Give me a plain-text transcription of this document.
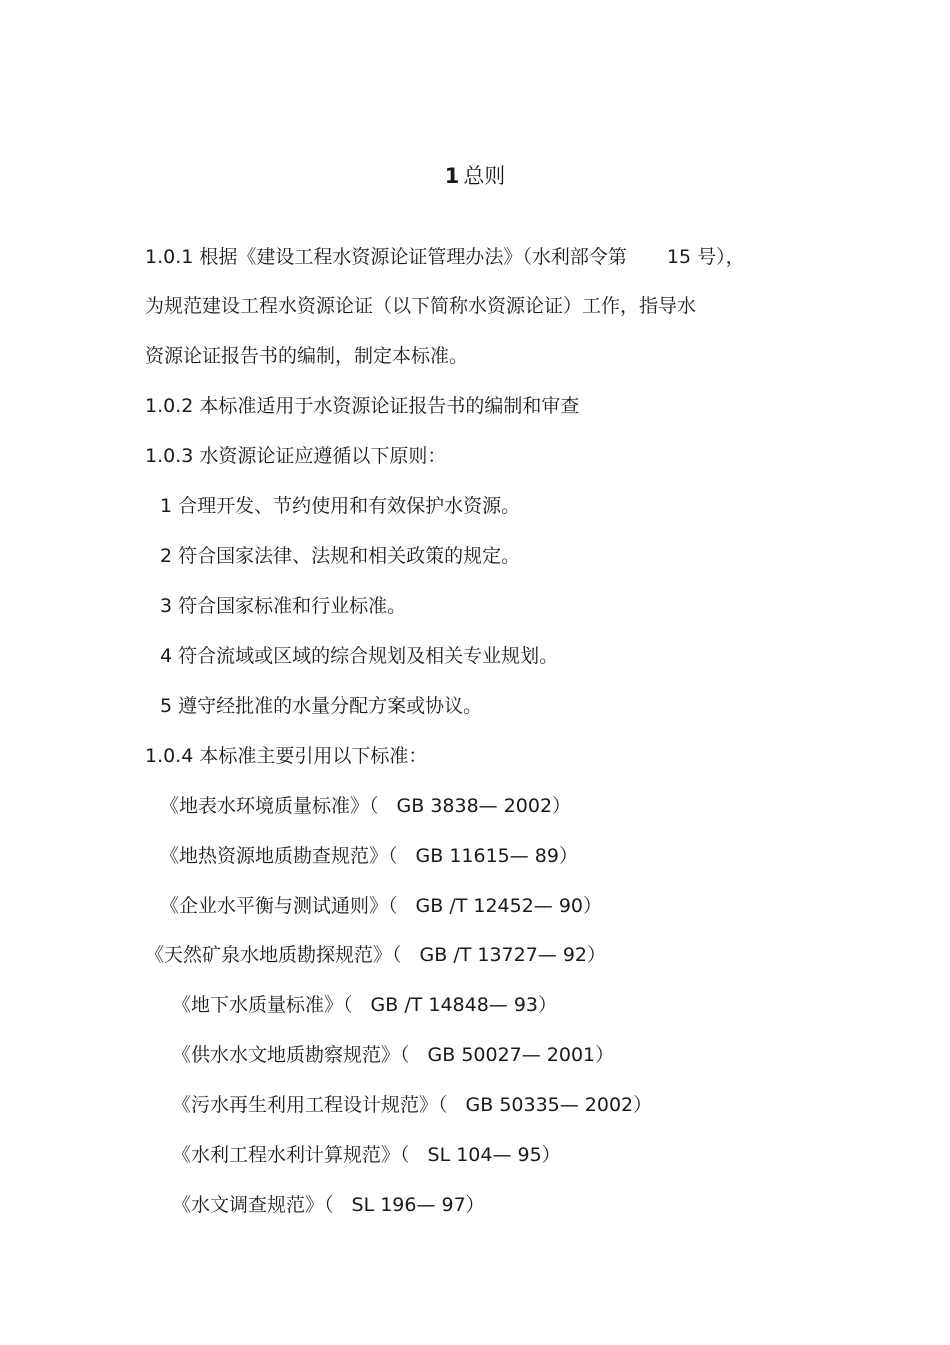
1 总则
1.0.1 根据《建设工程水资源论证管理办法》（水利部令第 15 号），
为规范建设工程水资源论证（以下简称水资源论证）工作，指导水
资源论证报告书的编制，制定本标准。
1.0.2 本标准适用于水资源论证报告书的编制和审查
1.0.3 水资源论证应遵循以下原则：
1 合理开发、节约使用和有效保护水资源。
2 符合国家法律、法规和相关政策的规定。
3 符合国家标准和行业标准。
4 符合流域或区域的综合规划及相关专业规划。
5 遵守经批准的水量分配方案或协议。
1.0.4 本标准主要引用以下标准：
《地表水环境质量标准》（ GB 3838— 2002）
《地热资源地质勘查规范》（ GB 11615— 89）
《企业水平衡与测试通则》（ GB /T 12452— 90）
《天然矿泉水地质勘探规范》（ GB /T 13727— 92）
《地下水质量标准》（ GB /T 14848— 93）
《供水水文地质勘察规范》（ GB 50027— 2001）
《污水再生利用工程设计规范》（ GB 50335— 2002）
《水利工程水利计算规范》（ SL 104— 95）
《水文调查规范》（ SL 196— 97）
